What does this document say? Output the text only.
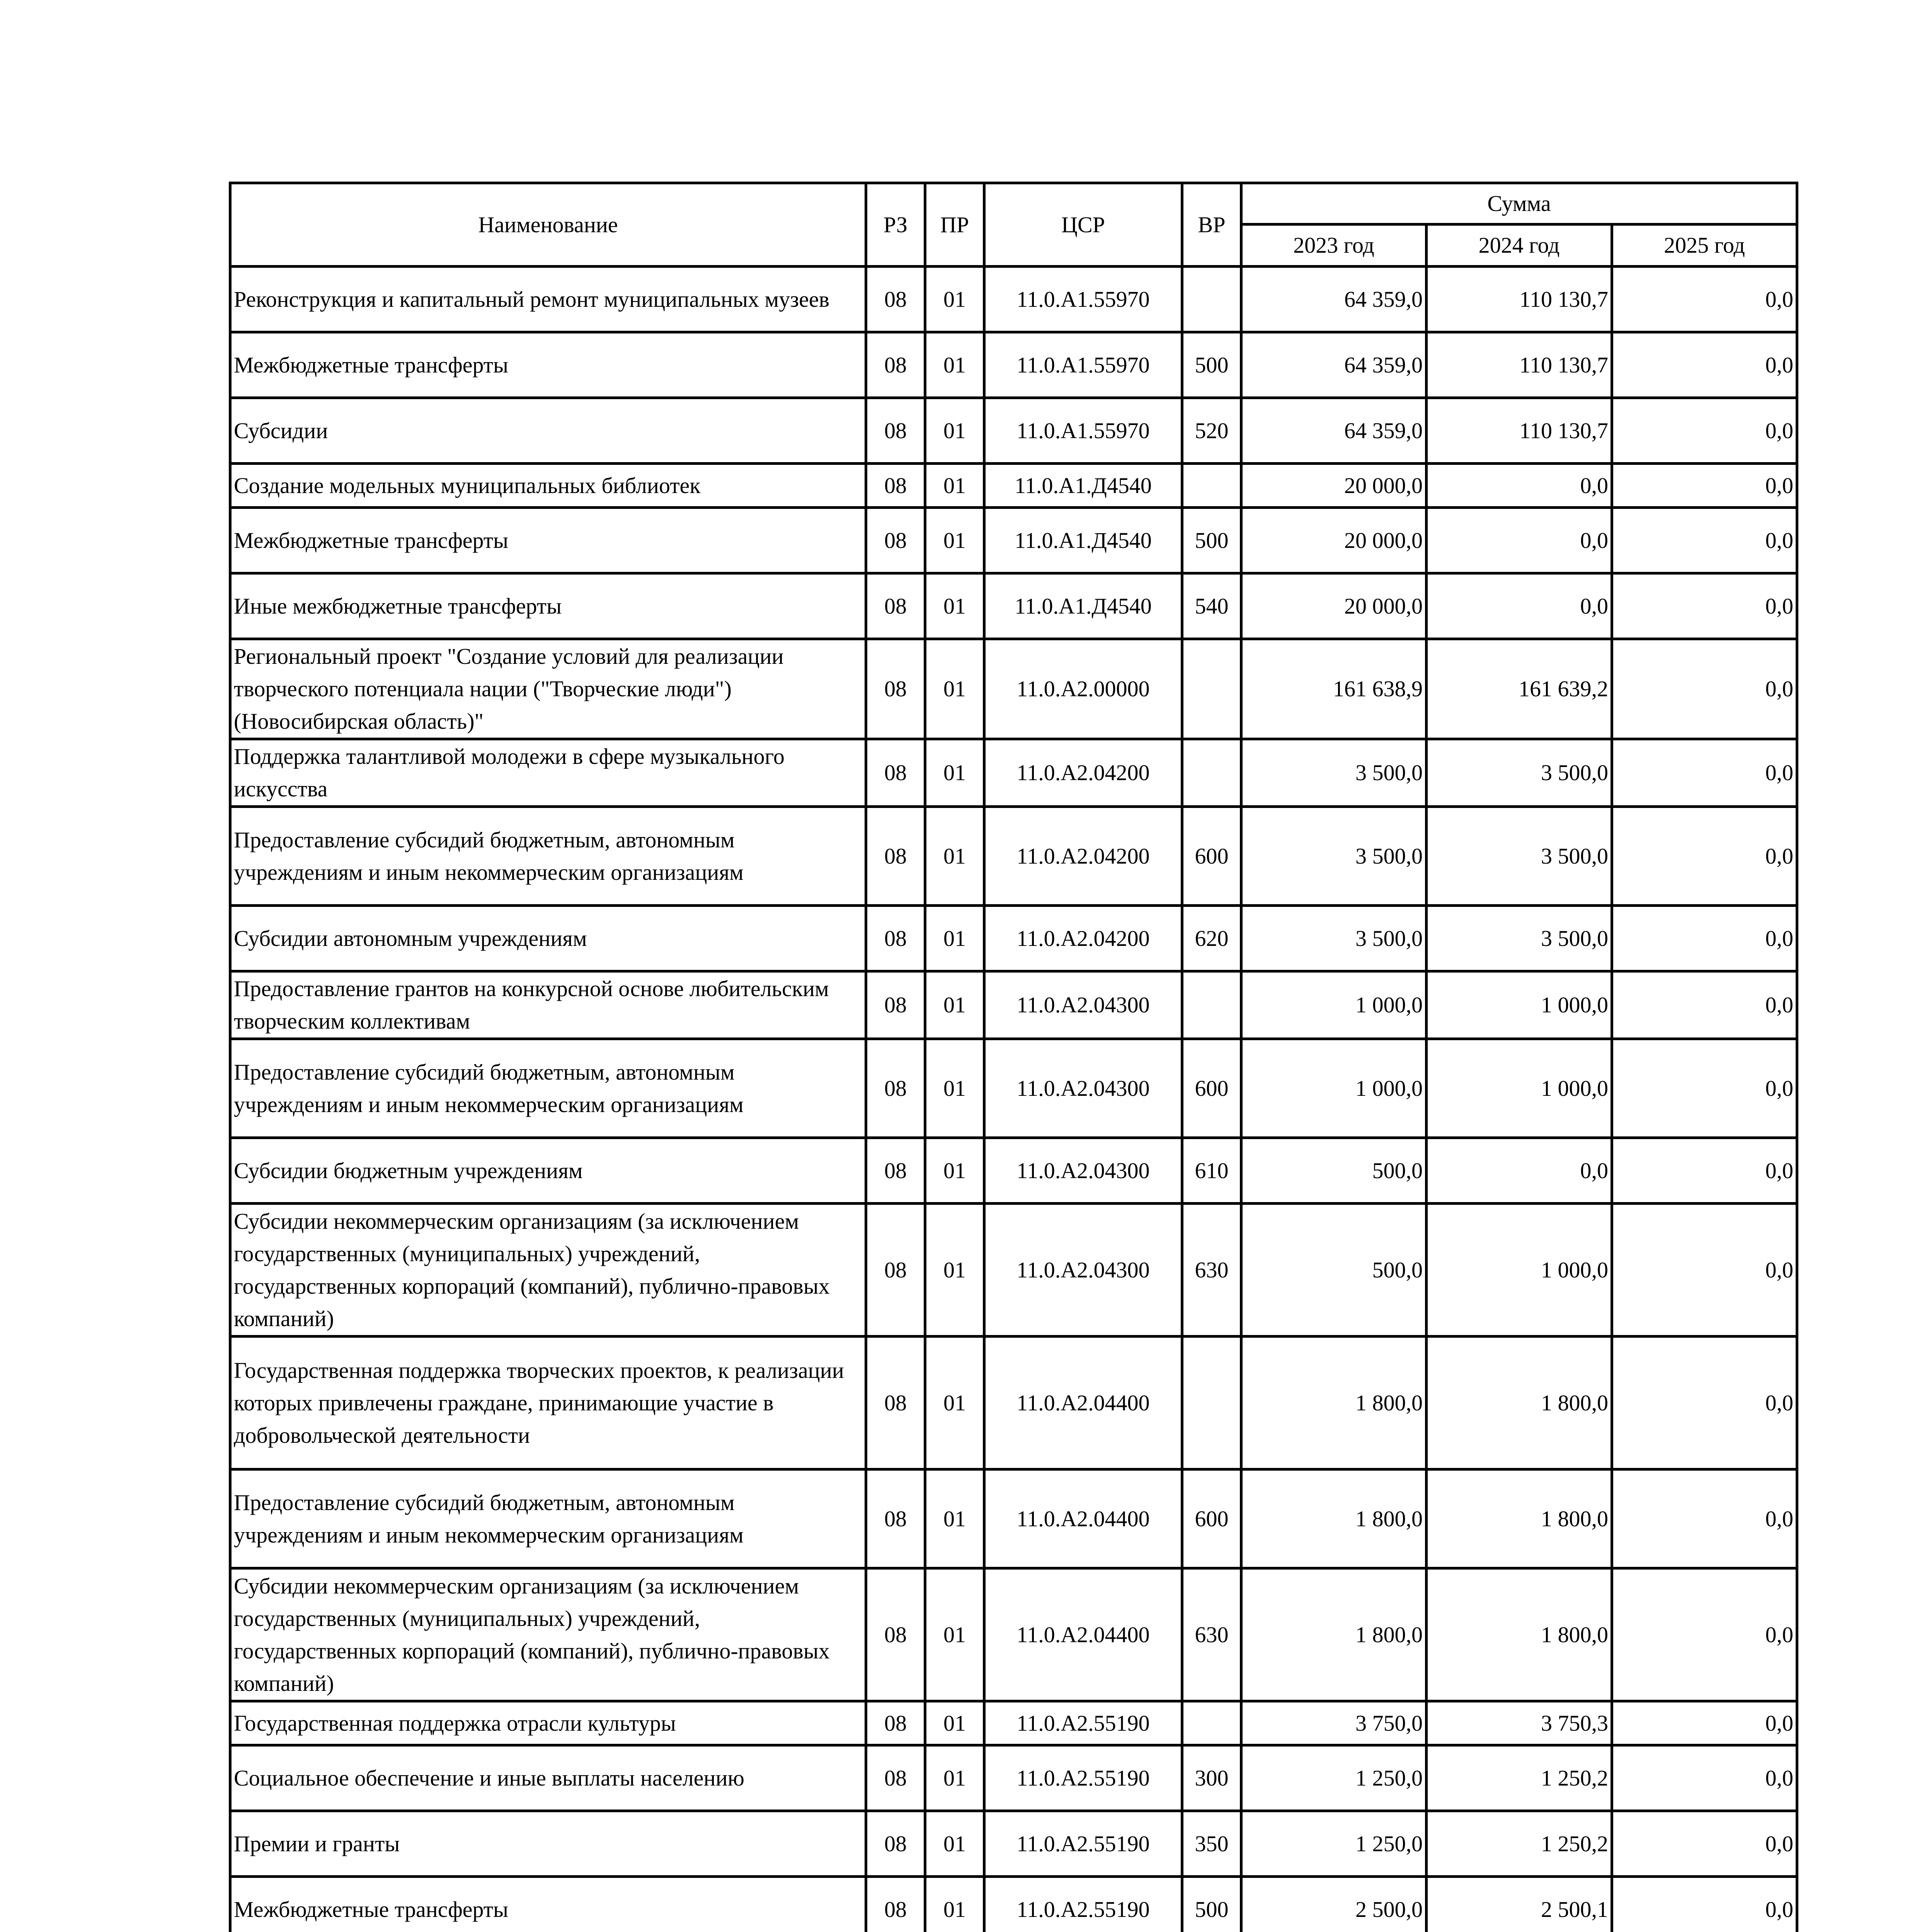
Наименование	РЗ	ПР	ЦСР	ВР	Сумма		
					2023 год	2024 год	2025 год
Реконструкция и капитальный ремонт муниципальных музеев	08	01	11.0.А1.55970		64 359,0	110 130,7	0,0
Межбюджетные трансферты	08	01	11.0.А1.55970	500	64 359,0	110 130,7	0,0
Субсидии	08	01	11.0.А1.55970	520	64 359,0	110 130,7	0,0
Создание модельных муниципальных библиотек	08	01	11.0.А1.Д4540		20 000,0	0,0	0,0
Межбюджетные трансферты	08	01	11.0.А1.Д4540	500	20 000,0	0,0	0,0
Иные межбюджетные трансферты	08	01	11.0.А1.Д4540	540	20 000,0	0,0	0,0
Региональный проект "Создание условий для реализации творческого потенциала нации ("Творческие люди") (Новосибирская область)"	08	01	11.0.А2.00000		161 638,9	161 639,2	0,0
Поддержка талантливой молодежи в сфере музыкального искусства	08	01	11.0.А2.04200		3 500,0	3 500,0	0,0
Предоставление субсидий бюджетным, автономным учреждениям и иным некоммерческим организациям	08	01	11.0.А2.04200	600	3 500,0	3 500,0	0,0
Субсидии автономным учреждениям	08	01	11.0.А2.04200	620	3 500,0	3 500,0	0,0
Предоставление грантов на конкурсной основе любительским творческим коллективам	08	01	11.0.А2.04300		1 000,0	1 000,0	0,0
Предоставление субсидий бюджетным, автономным учреждениям и иным некоммерческим организациям	08	01	11.0.А2.04300	600	1 000,0	1 000,0	0,0
Субсидии бюджетным учреждениям	08	01	11.0.А2.04300	610	500,0	0,0	0,0
Субсидии некоммерческим организациям (за исключением государственных (муниципальных) учреждений, государственных корпораций (компаний), публично-правовых компаний)	08	01	11.0.А2.04300	630	500,0	1 000,0	0,0
Государственная поддержка творческих проектов, к реализации которых привлечены граждане, принимающие участие в добровольческой деятельности	08	01	11.0.А2.04400		1 800,0	1 800,0	0,0
Предоставление субсидий бюджетным, автономным учреждениям и иным некоммерческим организациям	08	01	11.0.А2.04400	600	1 800,0	1 800,0	0,0
Субсидии некоммерческим организациям (за исключением государственных (муниципальных) учреждений, государственных корпораций (компаний), публично-правовых компаний)	08	01	11.0.А2.04400	630	1 800,0	1 800,0	0,0
Государственная поддержка отрасли культуры	08	01	11.0.А2.55190		3 750,0	3 750,3	0,0
Социальное обеспечение и иные выплаты населению	08	01	11.0.А2.55190	300	1 250,0	1 250,2	0,0
Премии и гранты	08	01	11.0.А2.55190	350	1 250,0	1 250,2	0,0
Межбюджетные трансферты	08	01	11.0.А2.55190	500	2 500,0	2 500,1	0,0
